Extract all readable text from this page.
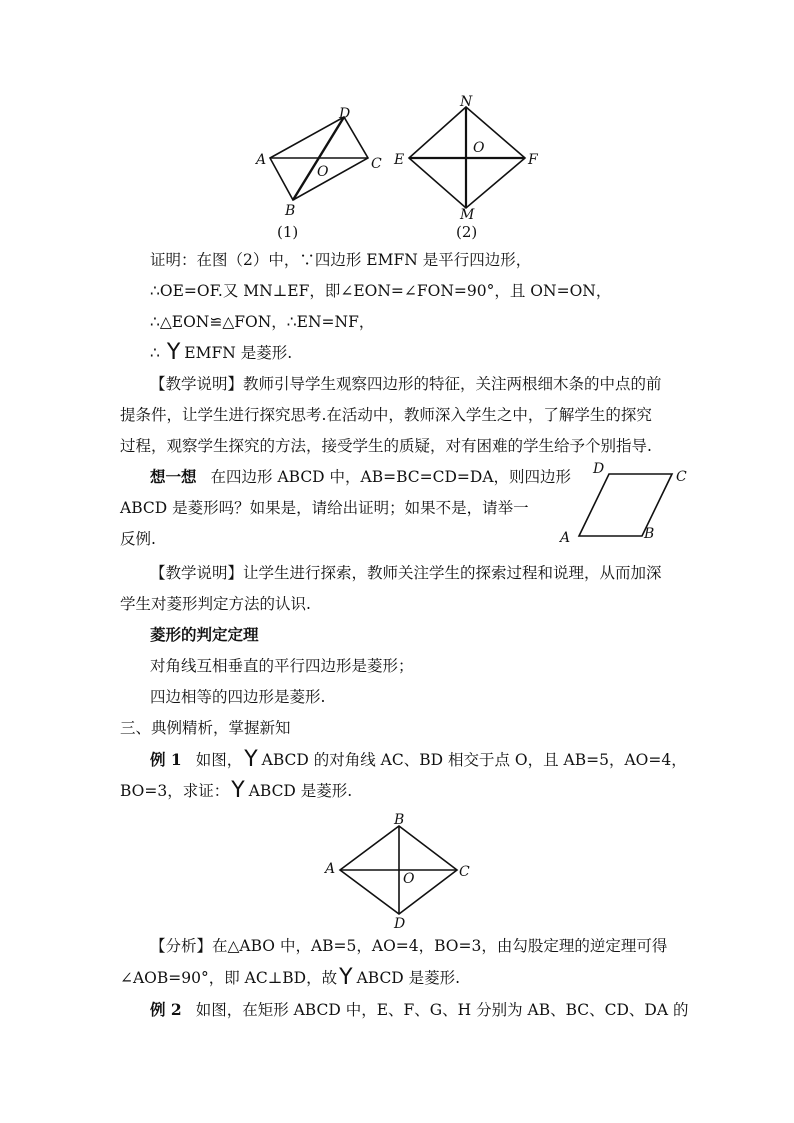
A
D
C
B
O
(1)
N
E	F
O
M
(2)
证明：在图（2）中，∵四边形 EMFN 是平行四边形，
∴OE=OF.又 MN⊥EF，即∠EON=∠FON=90°，且 ON=ON，
∴△EON≌△FON，∴EN=NF，
∴ Y EMFN 是菱形.
【教学说明】教师引导学生观察四边形的特征，关注两根细木条的中点的前
提条件，让学生进行探究思考.在活动中，教师深入学生之中，了解学生的探究
过程，观察学生探究的方法，接受学生的质疑，对有困难的学生给予个别指导.
想一想 在四边形 ABCD 中，AB=BC=CD=DA，则四边形
ABCD 是菱形吗？如果是，请给出证明；如果不是，请举一
反例.	A	B
C
D
【教学说明】让学生进行探索，教师关注学生的探索过程和说理，从而加深
学生对菱形判定方法的认识.
菱形的判定定理
对角线互相垂直的平行四边形是菱形；
四边相等的四边形是菱形.
三、典例精析，掌握新知
例 1 如图，Y ABCD 的对角线 AC、BD 相交于点 O，且 AB=5，AO=4，
BO=3，求证：Y ABCD 是菱形.
B
A	C
O
D
【分析】在△ABO 中，AB=5，AO=4，BO=3，由勾股定理的逆定理可得
∠AOB=90°，即 AC⊥BD，故Y ABCD 是菱形.
例 2 如图，在矩形 ABCD 中，E、F、G、H 分别为 AB、BC、CD、DA 的
